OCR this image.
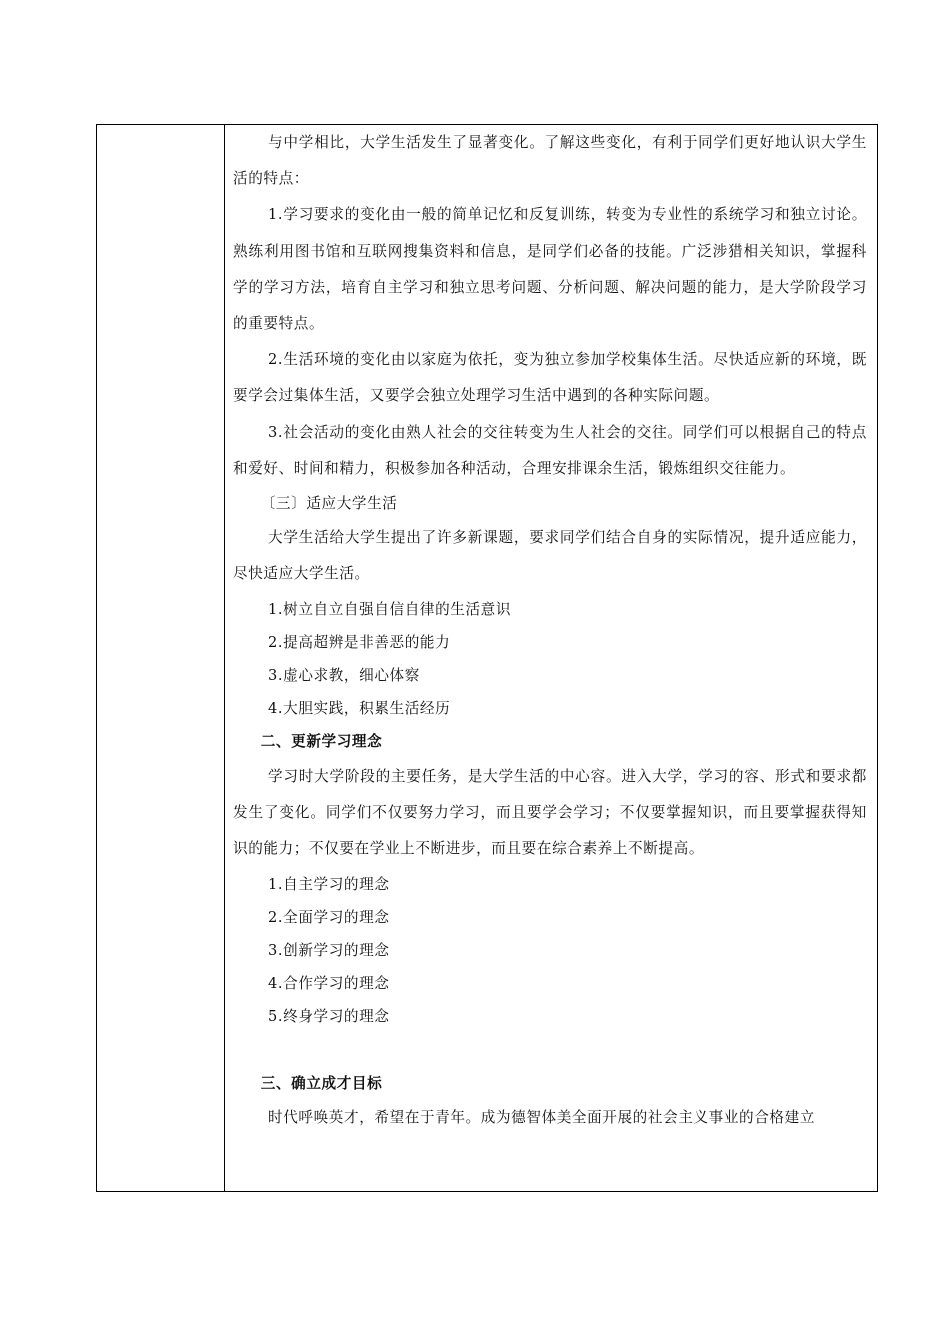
与中学相比，大学生活发生了显著变化。了解这些变化，有利于同学们更好地认识大学生活的特点：

1.学习要求的变化由一般的简单记忆和反复训练，转变为专业性的系统学习和独立讨论。熟练利用图书馆和互联网搜集资料和信息，是同学们必备的技能。广泛涉猎相关知识，掌握科学的学习方法，培育自主学习和独立思考问题、分析问题、解决问题的能力，是大学阶段学习的重要特点。

2.生活环境的变化由以家庭为依托，变为独立参加学校集体生活。尽快适应新的环境，既要学会过集体生活，又要学会独立处理学习生活中遇到的各种实际问题。

3.社会活动的变化由熟人社会的交往转变为生人社会的交往。同学们可以根据自己的特点和爱好、时间和精力，积极参加各种活动，合理安排课余生活，锻炼组织交往能力。

〔三〕适应大学生活

大学生活给大学生提出了许多新课题，要求同学们结合自身的实际情况，提升适应能力，尽快适应大学生活。

1.树立自立自强自信自律的生活意识

2.提高超辨是非善恶的能力

3.虚心求教，细心体察

4.大胆实践，积累生活经历

二、更新学习理念

学习时大学阶段的主要任务，是大学生活的中心容。进入大学，学习的容、形式和要求都发生了变化。同学们不仅要努力学习，而且要学会学习；不仅要掌握知识，而且要掌握获得知识的能力；不仅要在学业上不断进步，而且要在综合素养上不断提高。

1.自主学习的理念

2.全面学习的理念

3.创新学习的理念

4.合作学习的理念

5.终身学习的理念

三、确立成才目标

时代呼唤英才，希望在于青年。成为德智体美全面开展的社会主义事业的合格建立
